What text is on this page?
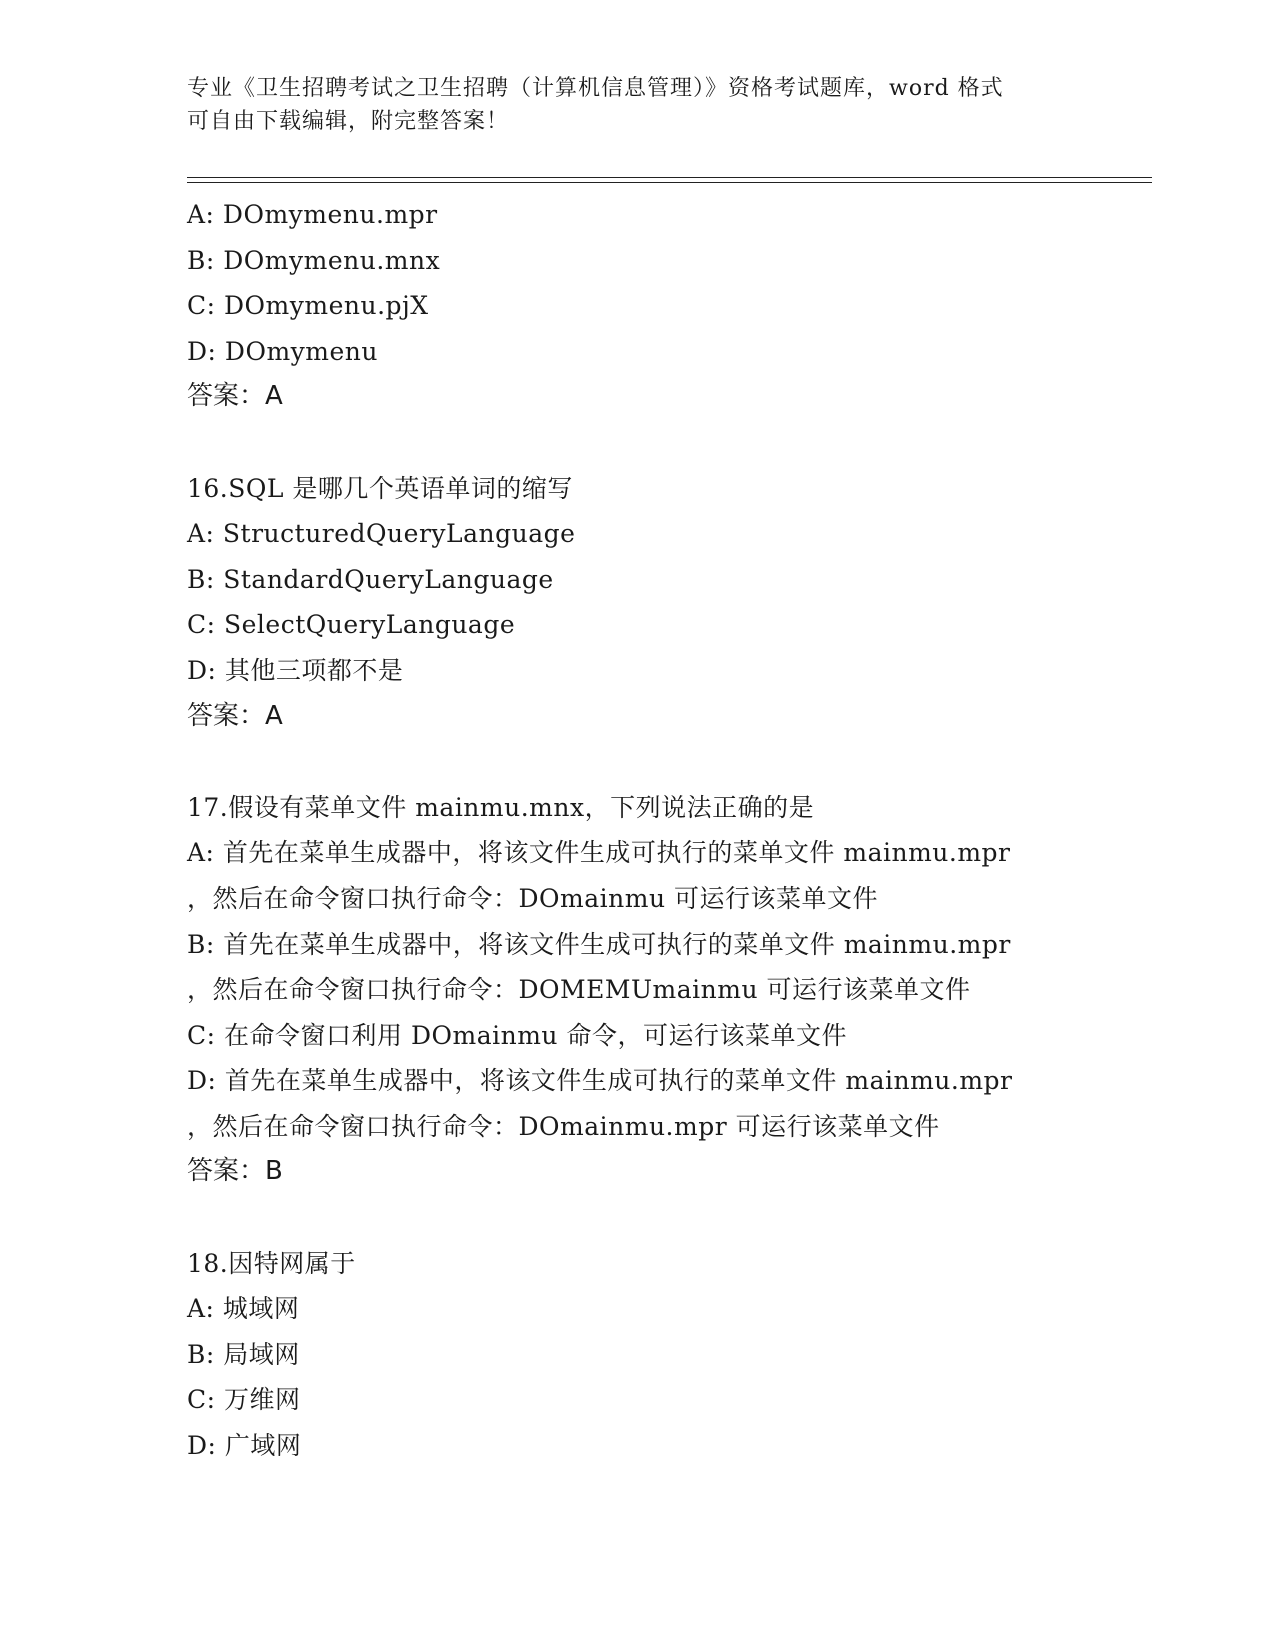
专业《卫生招聘考试之卫生招聘（计算机信息管理）》资格考试题库，word 格式
可自由下载编辑，附完整答案！
A: DOmymenu.mpr
B: DOmymenu.mnx
C: DOmymenu.pjX
D: DOmymenu
答案：A
16.SQL 是哪几个英语单词的缩写
A: StructuredQueryLanguage
B: StandardQueryLanguage
C: SelectQueryLanguage
D: 其他三项都不是
答案：A
17.假设有菜单文件 mainmu.mnx，下列说法正确的是
A: 首先在菜单生成器中，将该文件生成可执行的菜单文件 mainmu.mpr
，然后在命令窗口执行命令：DOmainmu 可运行该菜单文件
B: 首先在菜单生成器中，将该文件生成可执行的菜单文件 mainmu.mpr
，然后在命令窗口执行命令：DOMEMUmainmu 可运行该菜单文件
C: 在命令窗口利用 DOmainmu 命令，可运行该菜单文件
D: 首先在菜单生成器中，将该文件生成可执行的菜单文件 mainmu.mpr
，然后在命令窗口执行命令：DOmainmu.mpr 可运行该菜单文件
答案：B
18.因特网属于
A: 城域网
B: 局域网
C: 万维网
D: 广域网
